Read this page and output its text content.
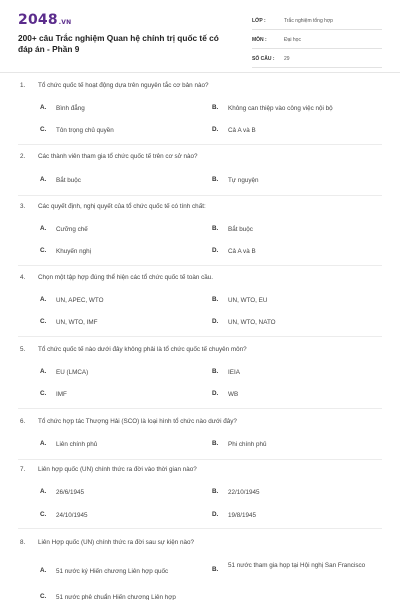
2048.VN
200+ câu Trắc nghiệm Quan hệ chính trị quốc tế có đáp án - Phần 9
LỚP :	Trắc nghiệm tổng hợp
MÔN :	Đại học
SỐ CÂU : 29
1. Tổ chức quốc tế hoạt động dựa trên nguyên tắc cơ bản nào?
A. Bình đẳng	B. Không can thiệp vào công việc nội bộ
C. Tôn trọng chủ quyền	D. Cả A và B
2. Các thành viên tham gia tổ chức quốc tế trên cơ sở nào?
A. Bắt buộc	B. Tự nguyện
3. Các quyết định, nghị quyết của tổ chức quốc tế có tính chất:
A. Cưỡng chế	B. Bắt buộc
C. Khuyến nghị	D. Cả A và B
4. Chọn một tập hợp đúng thể hiện các tổ chức quốc tế toàn cầu.
A. UN, APEC, WTO	B. UN, WTO, EU
C. UN, WTO, IMF	D. UN, WTO, NATO
5. Tổ chức quốc tế nào dưới đây không phải là tổ chức quốc tế chuyên môn?
A. EU (LMCA)	B. IEIA
C. IMF	D. WB
6. Tổ chức hợp tác Thượng Hải (SCO) là loại hình tổ chức nào dưới đây?
A. Liên chính phủ	B. Phi chính phủ
7. Liên hợp quốc (UN) chính thức ra đời vào thời gian nào?
A. 26/6/1945	B. 22/10/1945
C. 24/10/1945	D. 19/8/1945
8. Liên Hợp quốc (UN) chính thức ra đời sau sự kiện nào?
A. 51 nước ký Hiến chương Liên hợp quốc	B.
51 nước tham gia họp tại Hội nghị San Francisco
C. 51 nước phê chuẩn Hiến chương Liên hợp
